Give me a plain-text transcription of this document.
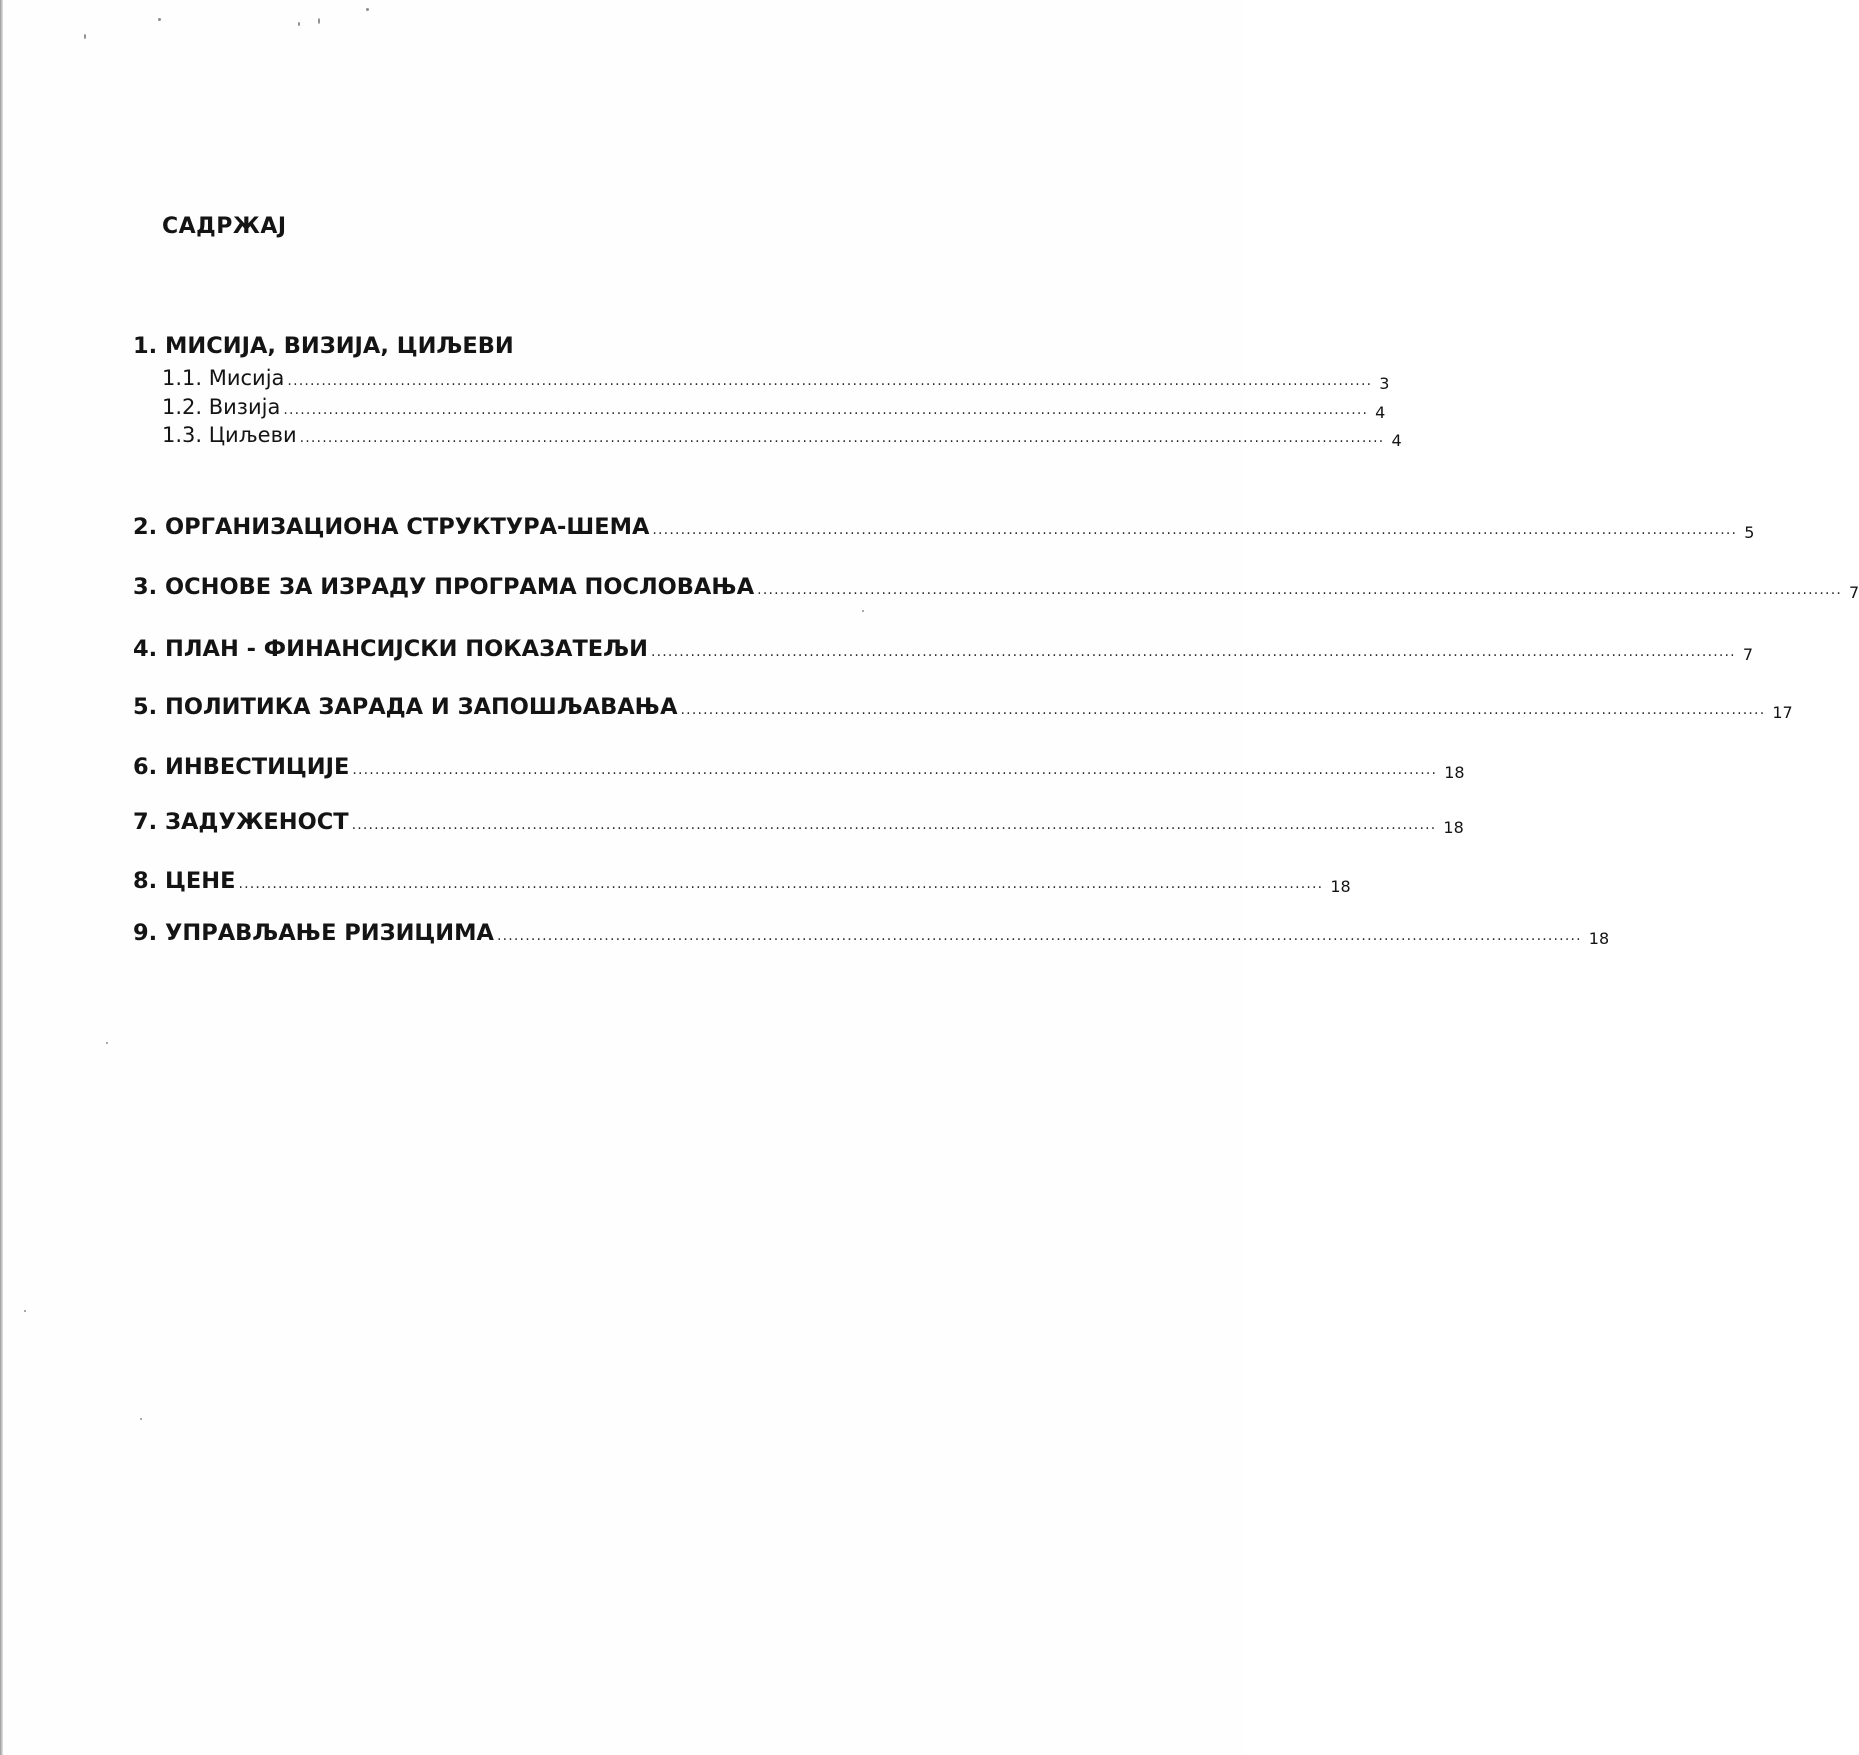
САДРЖАЈ
1. МИСИЈА, ВИЗИЈА, ЦИЉЕВИ
1.1. Мисија ................................................................................................................................................................................................ 3
1.2. Визија ................................................................................................................................................................................................ 4
1.3. Циљеви ................................................................................................................................................................................................ 4
2. ОРГАНИЗАЦИОНА СТРУКТУРА-ШЕМА ................................................................................................................................................................................................ 5
3. ОСНОВЕ ЗА ИЗРАДУ ПРОГРАМА ПОСЛОВАЊА ................................................................................................................................................................................................ 7
4. ПЛАН - ФИНАНСИЈСКИ ПОКАЗАТЕЉИ ................................................................................................................................................................................................ 7
5. ПОЛИТИКА ЗАРАДА И ЗАПОШЉАВАЊА ................................................................................................................................................................................................ 17
6. ИНВЕСТИЦИЈЕ ................................................................................................................................................................................................ 18
7. ЗАДУЖЕНОСТ ................................................................................................................................................................................................ 18
8. ЦЕНЕ ................................................................................................................................................................................................ 18
9. УПРАВЉАЊЕ РИЗИЦИМА ................................................................................................................................................................................................ 18
